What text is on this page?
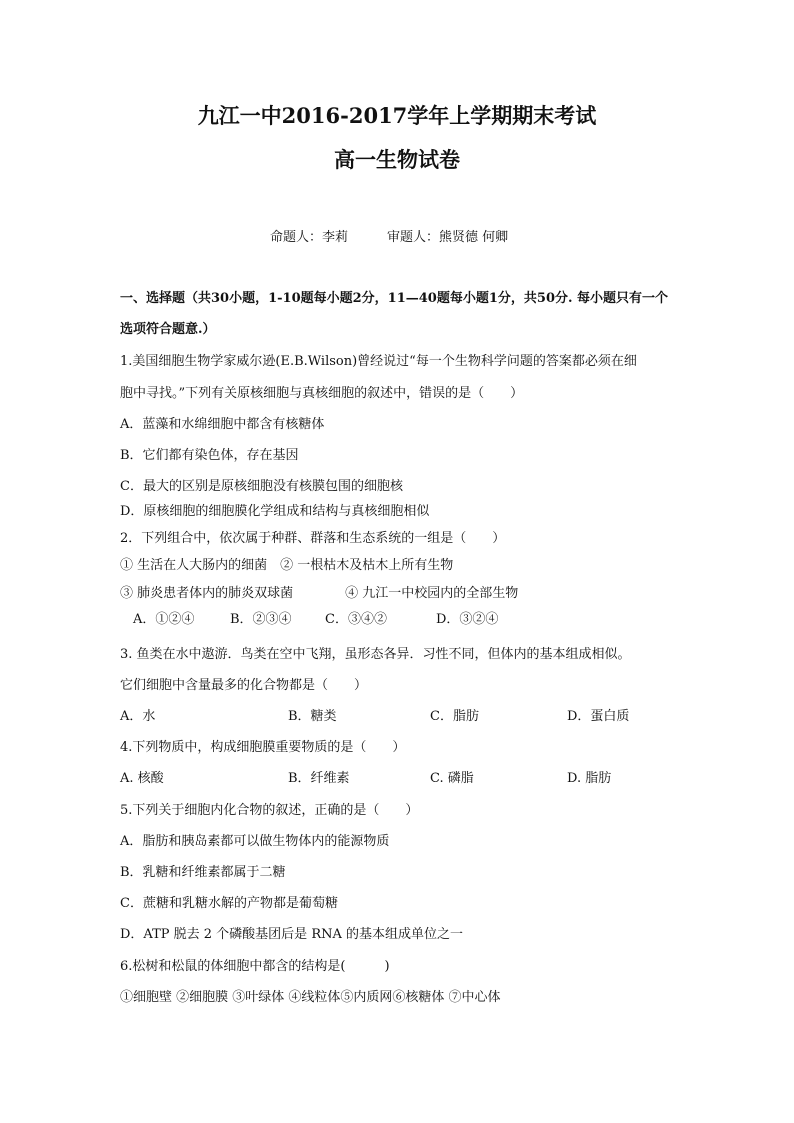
九江一中2016-2017学年上学期期末考试
高一生物试卷
命题人：李莉　　　审题人：熊贤德 何卿
一、选择题（共30小题，1-10题每小题2分，11—40题每小题1分，共50分. 每小题只有一个
选项符合题意.）
1.美国细胞生物学家威尔逊(E.B.Wilson)曾经说过“每一个生物科学问题的答案都必须在细
胞中寻找。”下列有关原核细胞与真核细胞的叙述中，错误的是（　　）
A．蓝藻和水绵细胞中都含有核糖体
B．它们都有染色体，存在基因
C．最大的区别是原核细胞没有核膜包围的细胞核
D．原核细胞的细胞膜化学组成和结构与真核细胞相似
2．下列组合中，依次属于种群、群落和生态系统的一组是（　　）
① 生活在人大肠内的细菌　② 一根枯木及枯木上所有生物
③ 肺炎患者体内的肺炎双球菌　　　　④ 九江一中校园内的全部生物
A．①②④	B．②③④	C．③④②	D．③②④
3. 鱼类在水中遨游．鸟类在空中飞翔，虽形态各异．习性不同，但体内的基本组成相似。
它们细胞中含量最多的化合物都是（　　）
A．水	B．糖类	C．脂肪	D．蛋白质
4.下列物质中，构成细胞膜重要物质的是（　　）
A. 核酸	B．纤维素	C. 磷脂	D. 脂肪
5.下列关于细胞内化合物的叙述，正确的是（　　）
A．脂肪和胰岛素都可以做生物体内的能源物质
B．乳糖和纤维素都属于二糖
C．蔗糖和乳糖水解的产物都是葡萄糖
D．ATP 脱去 2 个磷酸基团后是 RNA 的基本组成单位之一
6.松树和松鼠的体细胞中都含的结构是(　　　)
①细胞壁 ②细胞膜 ③叶绿体 ④线粒体⑤内质网⑥核糖体 ⑦中心体
